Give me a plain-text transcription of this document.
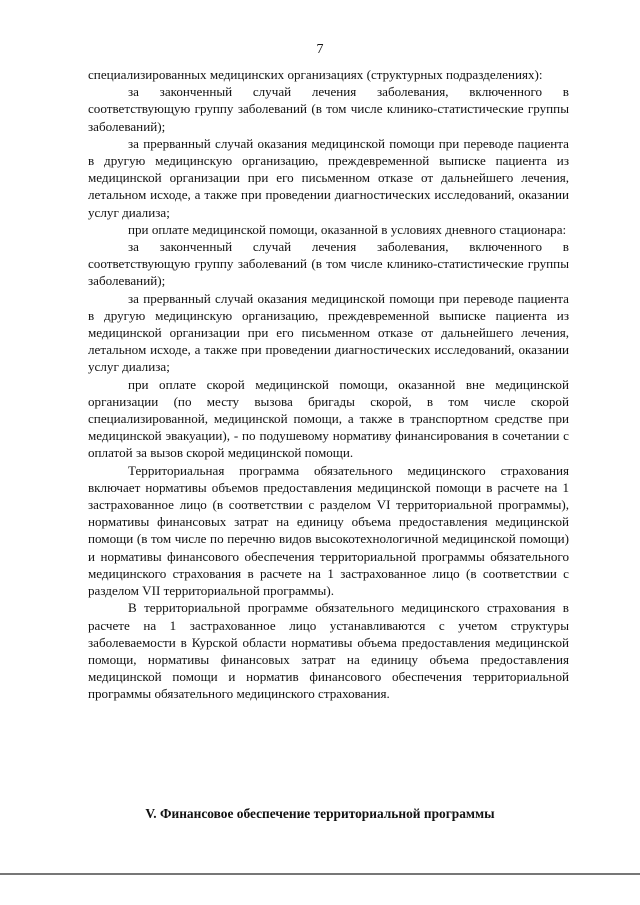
7

специализированных медицинских организациях (структурных подразделениях):

за законченный случай лечения заболевания, включенного в соответствующую группу заболеваний (в том числе клинико-статистические группы заболеваний);

за прерванный случай оказания медицинской помощи при переводе пациента в другую медицинскую организацию, преждевременной выписке пациента из медицинской организации при его письменном отказе от дальнейшего лечения, летальном исходе, а также при проведении диагностических исследований, оказании услуг диализа;

при оплате медицинской помощи, оказанной в условиях дневного стационара:

за законченный случай лечения заболевания, включенного в соответствующую группу заболеваний (в том числе клинико-статистические группы заболеваний);

за прерванный случай оказания медицинской помощи при переводе пациента в другую медицинскую организацию, преждевременной выписке пациента из медицинской организации при его письменном отказе от дальнейшего лечения, летальном исходе, а также при проведении диагностических исследований, оказании услуг диализа;

при оплате скорой медицинской помощи, оказанной вне медицинской организации (по месту вызова бригады скорой, в том числе скорой специализированной, медицинской помощи, а также в транспортном средстве при медицинской эвакуации), - по подушевому нормативу финансирования в сочетании с оплатой за вызов скорой медицинской помощи.

Территориальная программа обязательного медицинского страхования включает нормативы объемов предоставления медицинской помощи в расчете на 1 застрахованное лицо (в соответствии с разделом VI территориальной программы), нормативы финансовых затрат на единицу объема предоставления медицинской помощи (в том числе по перечню видов высокотехнологичной медицинской помощи) и нормативы финансового обеспечения территориальной программы обязательного медицинского страхования в расчете на 1 застрахованное лицо (в соответствии с разделом VII территориальной программы).

В территориальной программе обязательного медицинского страхования в расчете на 1 застрахованное лицо устанавливаются с учетом структуры заболеваемости в Курской области нормативы объема предоставления медицинской помощи, нормативы финансовых затрат на единицу объема предоставления медицинской помощи и норматив финансового обеспечения территориальной программы обязательного медицинского страхования.

V. Финансовое обеспечение территориальной программы
